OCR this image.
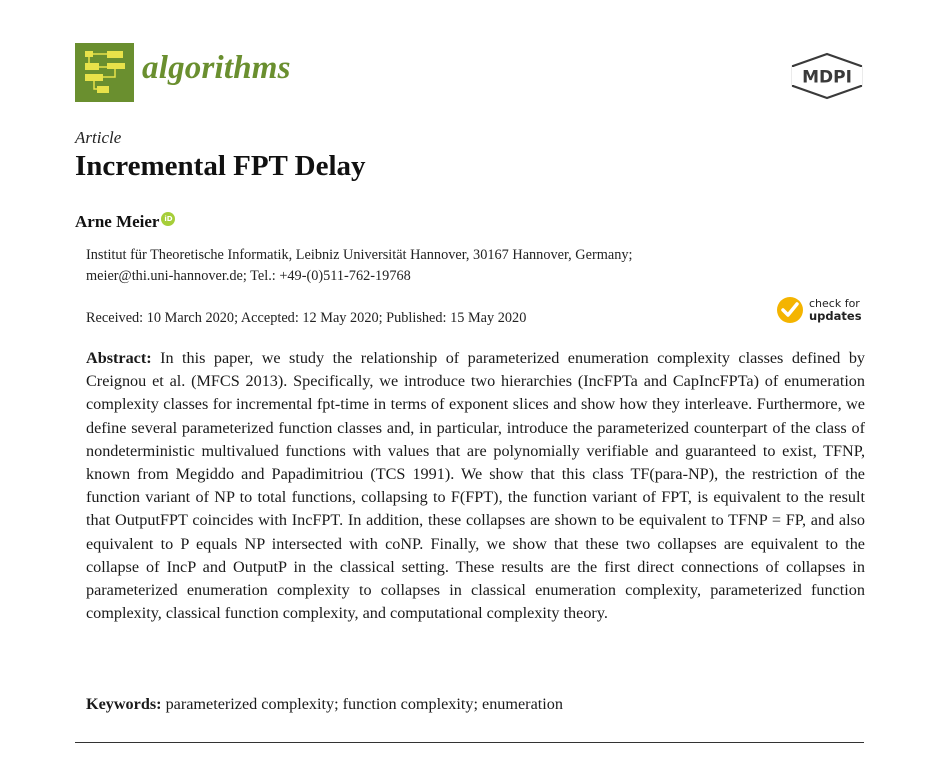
algorithms	MDPI
Article
Incremental FPT Delay
Arne Meier iD
Institut für Theoretische Informatik, Leibniz Universität Hannover, 30167 Hannover, Germany;
meier@thi.uni-hannover.de; Tel.: +49-(0)511-762-19768
Received: 10 March 2020; Accepted: 12 May 2020; Published: 15 May 2020
check for
updates

Abstract: In this paper, we study the relationship of parameterized enumeration complexity classes defined by Creignou et al. (MFCS 2013). Specifically, we introduce two hierarchies (IncFPTa and CapIncFPTa) of enumeration complexity classes for incremental fpt-time in terms of exponent slices and show how they interleave. Furthermore, we define several parameterized function classes and, in particular, introduce the parameterized counterpart of the class of nondeterministic multivalued functions with values that are polynomially verifiable and guaranteed to exist, TFNP, known from Megiddo and Papadimitriou (TCS 1991). We show that this class TF(para-NP), the restriction of the function variant of NP to total functions, collapsing to F(FPT), the function variant of FPT, is equivalent to the result that OutputFPT coincides with IncFPT. In addition, these collapses are shown to be equivalent to TFNP = FP, and also equivalent to P equals NP intersected with coNP. Finally, we show that these two collapses are equivalent to the collapse of IncP and OutputP in the classical setting. These results are the first direct connections of collapses in parameterized enumeration complexity to collapses in classical enumeration complexity, parameterized function complexity, classical function complexity, and computational complexity theory.

Keywords: parameterized complexity; function complexity; enumeration
